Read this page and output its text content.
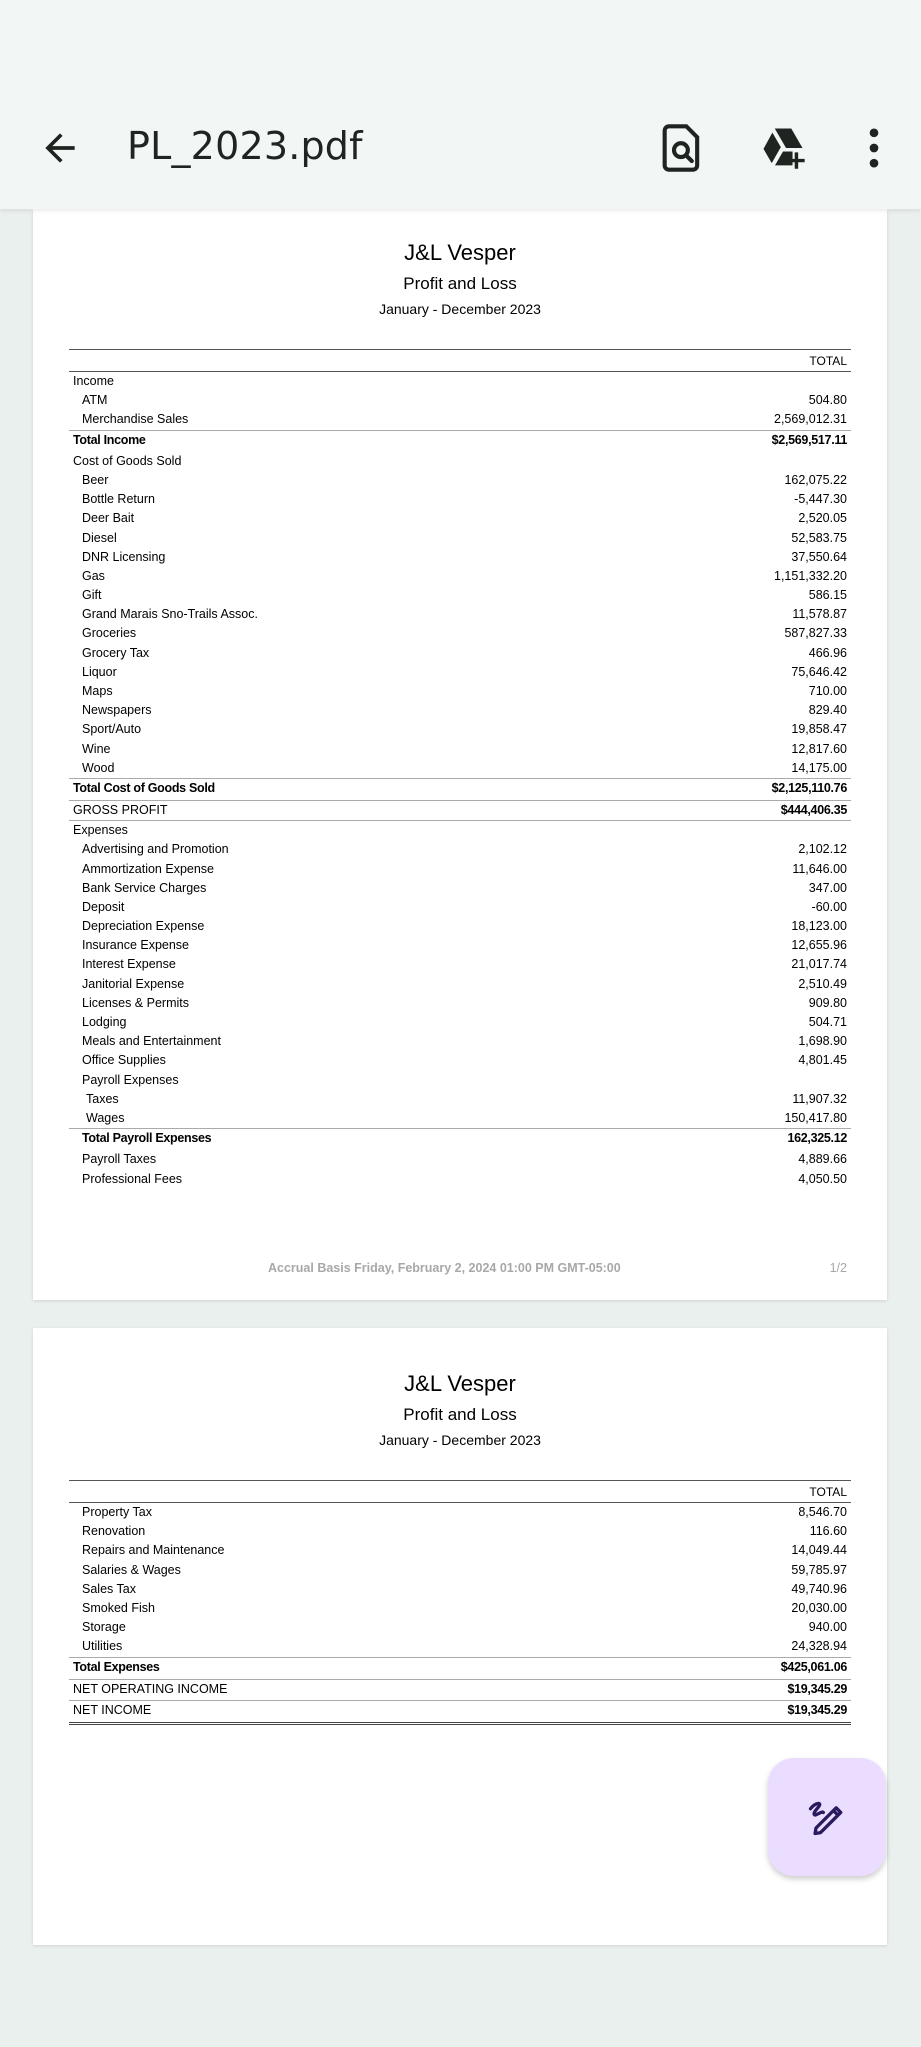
PL_2023.pdf
J&L Vesper
Profit and Loss
January - December 2023
TOTAL
Income
ATM	504.80
Merchandise Sales	2,569,012.31
Total Income	$2,569,517.11
Cost of Goods Sold
Beer	162,075.22
Bottle Return	-5,447.30
Deer Bait	2,520.05
Diesel	52,583.75
DNR Licensing	37,550.64
Gas	1,151,332.20
Gift	586.15
Grand Marais Sno-Trails Assoc.	11,578.87
Groceries	587,827.33
Grocery Tax	466.96
Liquor	75,646.42
Maps	710.00
Newspapers	829.40
Sport/Auto	19,858.47
Wine	12,817.60
Wood	14,175.00
Total Cost of Goods Sold	$2,125,110.76
GROSS PROFIT	$444,406.35
Expenses
Advertising and Promotion	2,102.12
Ammortization Expense	11,646.00
Bank Service Charges	347.00
Deposit	-60.00
Depreciation Expense	18,123.00
Insurance Expense	12,655.96
Interest Expense	21,017.74
Janitorial Expense	2,510.49
Licenses & Permits	909.80
Lodging	504.71
Meals and Entertainment	1,698.90
Office Supplies	4,801.45
Payroll Expenses
Taxes	11,907.32
Wages	150,417.80
Total Payroll Expenses	162,325.12
Payroll Taxes	4,889.66
Professional Fees	4,050.50
Accrual Basis Friday, February 2, 2024 01:00 PM GMT-05:00	1/2
J&L Vesper
Profit and Loss
January - December 2023
TOTAL
Property Tax	8,546.70
Renovation	116.60
Repairs and Maintenance	14,049.44
Salaries & Wages	59,785.97
Sales Tax	49,740.96
Smoked Fish	20,030.00
Storage	940.00
Utilities	24,328.94
Total Expenses	$425,061.06
NET OPERATING INCOME	$19,345.29
NET INCOME	$19,345.29
